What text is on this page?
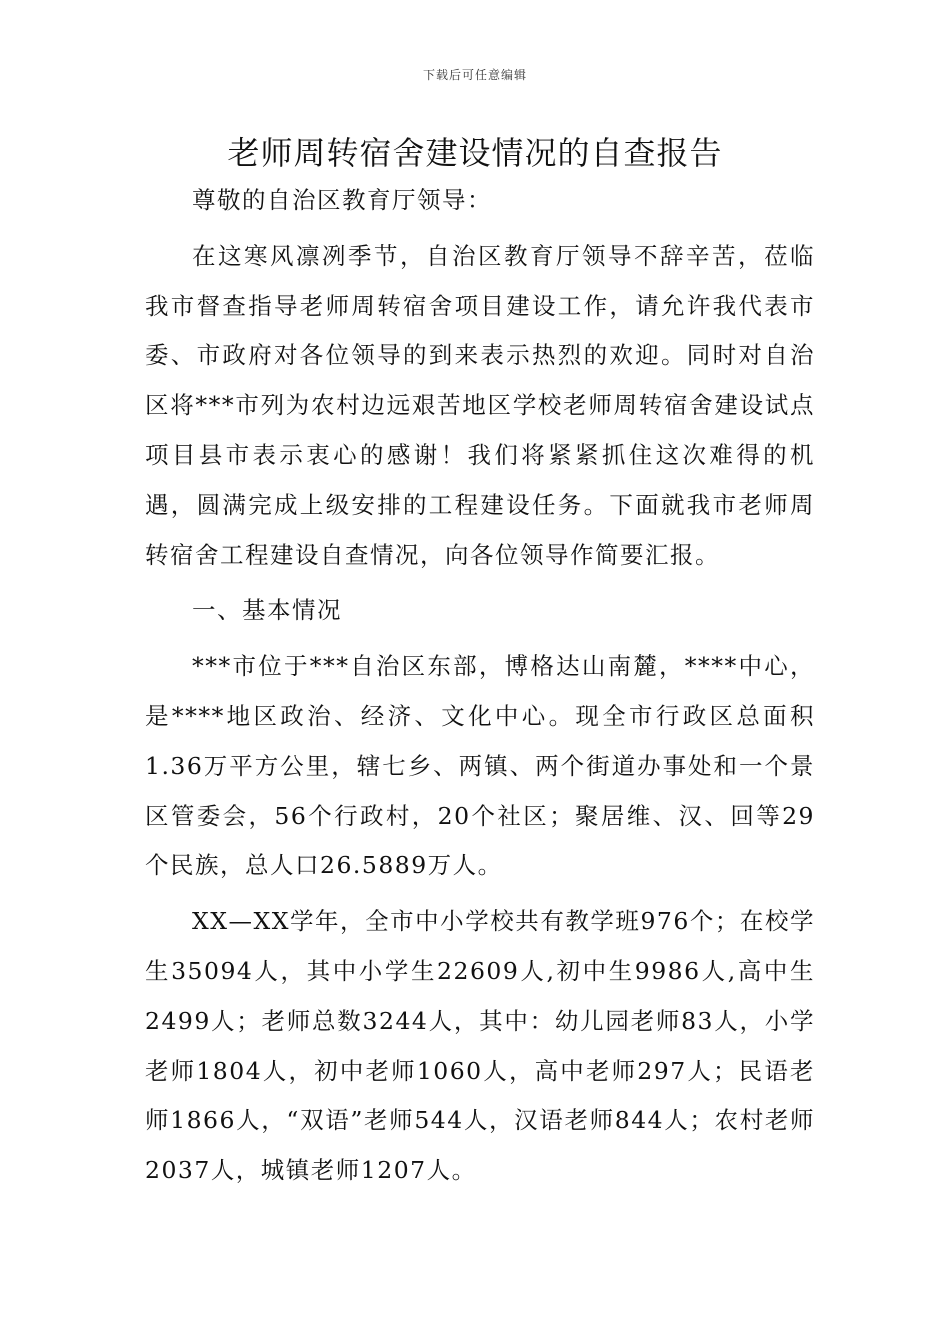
下载后可任意编辑
老师周转宿舍建设情况的自查报告

尊敬的自治区教育厅领导：

在这寒风凛冽季节，自治区教育厅领导不辞辛苦，莅临我市督查指导老师周转宿舍项目建设工作，请允许我代表市委、市政府对各位领导的到来表示热烈的欢迎。同时对自治区将***市列为农村边远艰苦地区学校老师周转宿舍建设试点项目县市表示衷心的感谢！我们将紧紧抓住这次难得的机遇，圆满完成上级安排的工程建设任务。下面就我市老师周转宿舍工程建设自查情况，向各位领导作简要汇报。

一、基本情况

***市位于***自治区东部，博格达山南麓，****中心，是****地区政治、经济、文化中心。现全市行政区总面积1.36万平方公里，辖七乡、两镇、两个街道办事处和一个景区管委会，56个行政村，20个社区；聚居维、汉、回等29个民族，总人口26.5889万人。

XX—XX学年，全市中小学校共有教学班976个；在校学生35094人，其中小学生22609人,初中生9986人,高中生2499人；老师总数3244人，其中：幼儿园老师83人，小学老师1804人，初中老师1060人，高中老师297人；民语老师1866人，“双语”老师544人，汉语老师844人；农村老师2037人，城镇老师1207人。
